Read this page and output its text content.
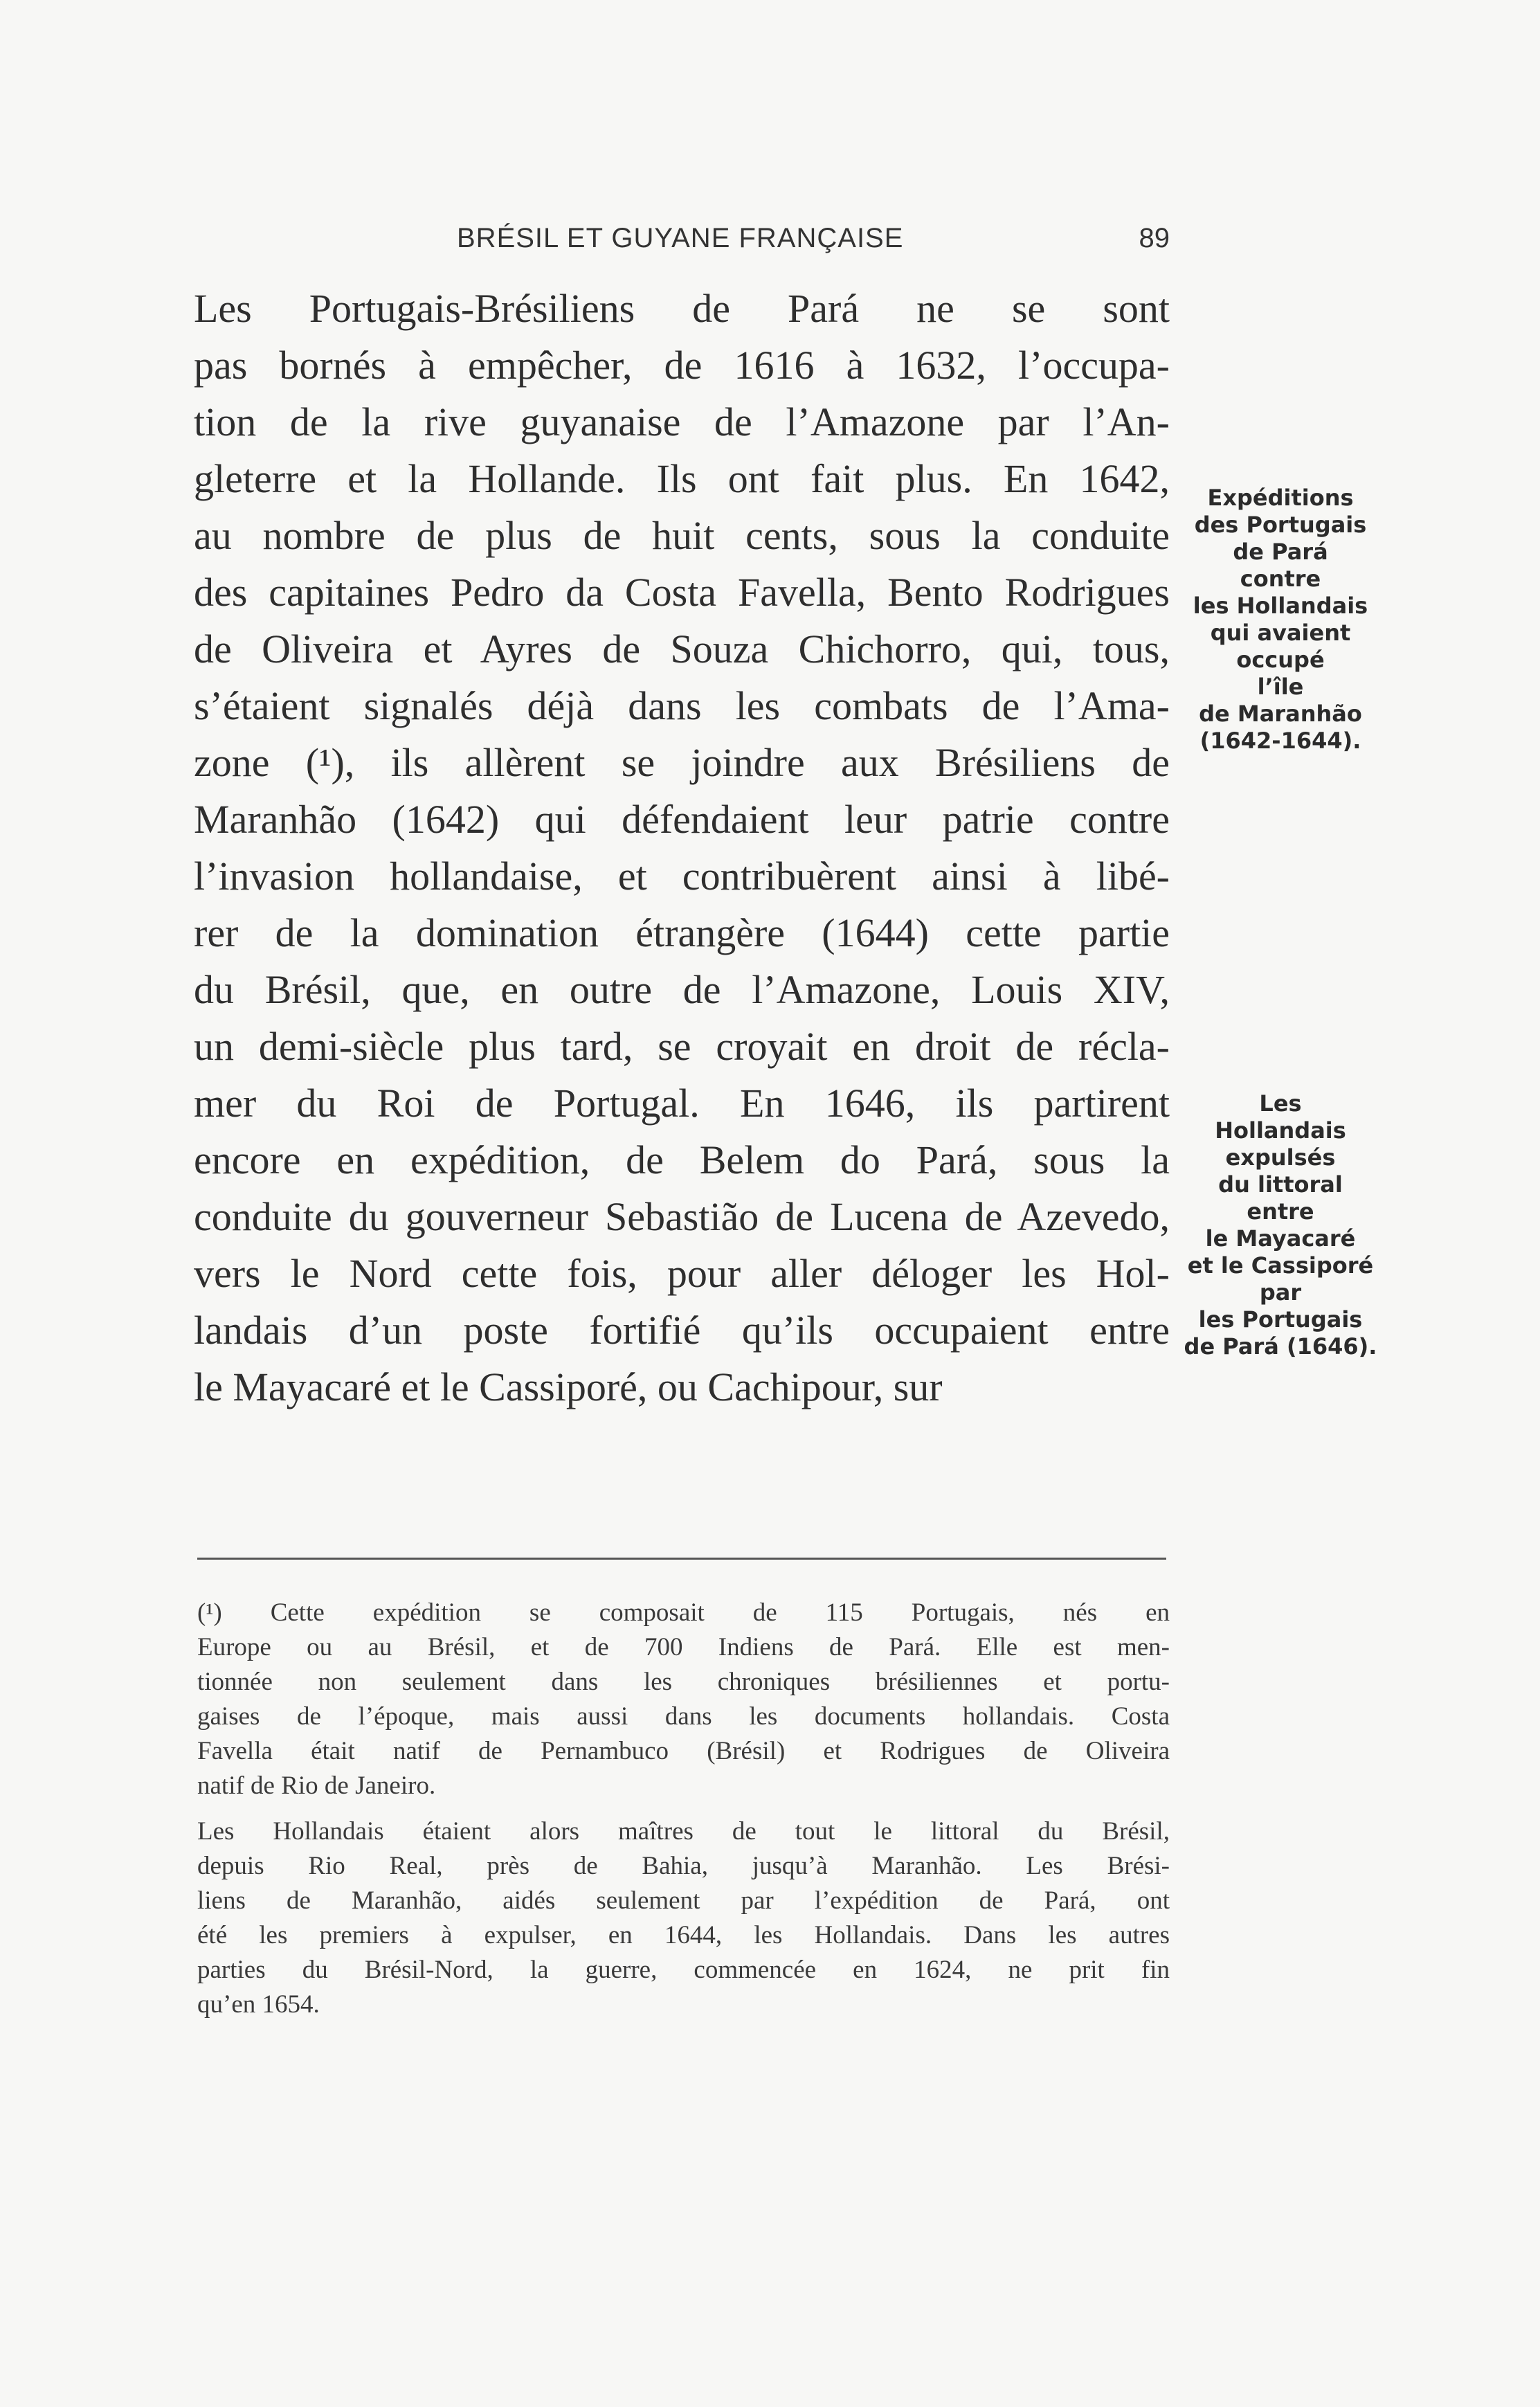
BRÉSIL ET GUYANE FRANÇAISE	89
Les Portugais-Brésiliens de Pará ne se sont
pas bornés à empêcher, de 1616 à 1632, l’occupa-
tion de la rive guyanaise de l’Amazone par l’An-
gleterre et la Hollande. Ils ont fait plus. En 1642,
au nombre de plus de huit cents, sous la conduite
des capitaines Pedro da Costa Favella, Bento Rodrigues
de Oliveira et Ayres de Souza Chichorro, qui, tous,
s’étaient signalés déjà dans les combats de l’Ama-
zone (¹), ils allèrent se joindre aux Brésiliens de
Maranhão (1642) qui défendaient leur patrie contre
l’invasion hollandaise, et contribuèrent ainsi à libé-
rer de la domination étrangère (1644) cette partie
du Brésil, que, en outre de l’Amazone, Louis XIV,
un demi-siècle plus tard, se croyait en droit de récla-
mer du Roi de Portugal. En 1646, ils partirent
encore en expédition, de Belem do Pará, sous la
conduite du gouverneur Sebastião de Lucena de Azevedo,
vers le Nord cette fois, pour aller déloger les Hol-
landais d’un poste fortifié qu’ils occupaient entre
le Mayacaré et le Cassiporé, ou Cachipour, sur
Expéditions
des Portugais
de Pará
contre
les Hollandais
qui avaient
occupé
l’île
de Maranhão
(1642-1644).
Les
Hollandais
expulsés
du littoral
entre
le Mayacaré
et le Cassiporé
par
les Portugais
de Pará (1646).
(¹) Cette expédition se composait de 115 Portugais, nés en
Europe ou au Brésil, et de 700 Indiens de Pará. Elle est men-
tionnée non seulement dans les chroniques brésiliennes et portu-
gaises de l’époque, mais aussi dans les documents hollandais. Costa
Favella était natif de Pernambuco (Brésil) et Rodrigues de Oliveira
natif de Rio de Janeiro.
Les Hollandais étaient alors maîtres de tout le littoral du Brésil,
depuis Rio Real, près de Bahia, jusqu’à Maranhão. Les Brési-
liens de Maranhão, aidés seulement par l’expédition de Pará, ont
été les premiers à expulser, en 1644, les Hollandais. Dans les autres
parties du Brésil-Nord, la guerre, commencée en 1624, ne prit fin
qu’en 1654.
